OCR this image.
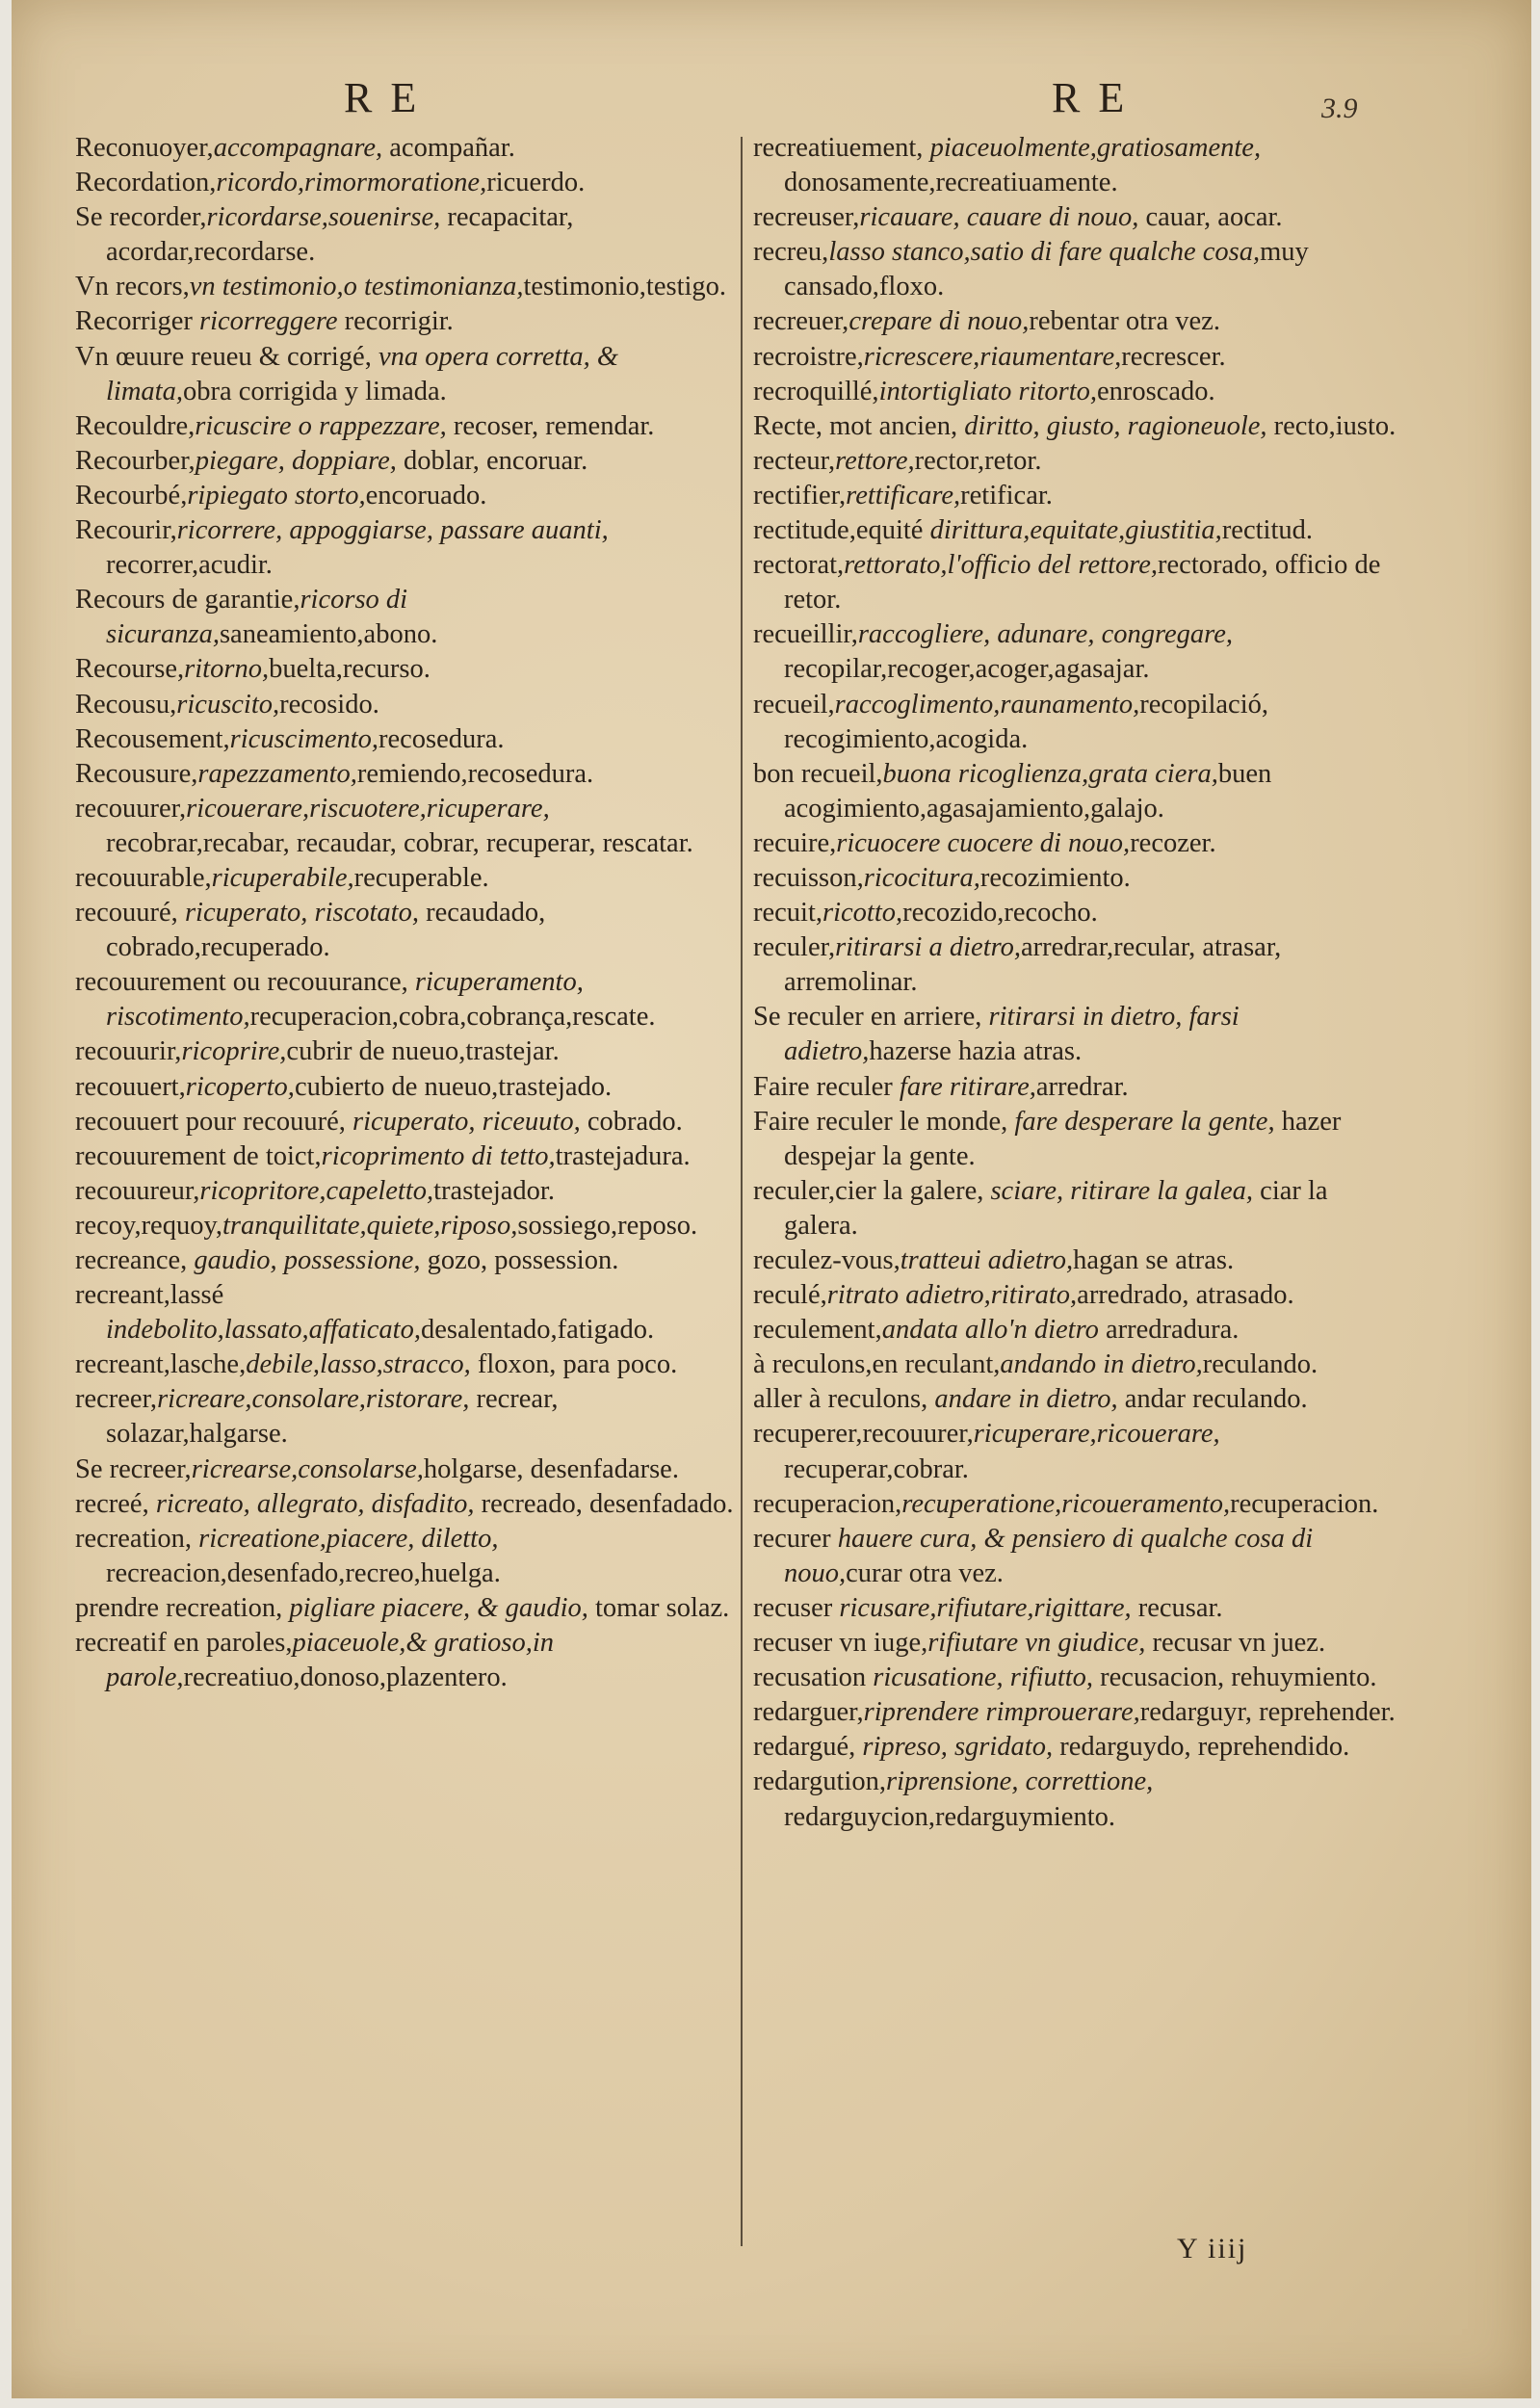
R E	R E	3.9
Reconuoyer,accompagnare, acompañar.
Recordation,ricordo,rimormoratione,ricuerdo.
Se recorder,ricordarse,souenirse, recapacitar, acordar,recordarse.
Vn recors,vn testimonio,o testimonianza,testimonio,testigo.
Recorriger ricorreggere recorrigir.
Vn œuure reueu & corrigé, vna opera corretta, & limata,obra corrigida y limada.
Recouldre,ricuscire o rappezzare, recoser, remendar.
Recourber,piegare, doppiare, doblar, encoruar.
Recourbé,ripiegato storto,encoruado.
Recourir,ricorrere, appoggiarse, passare auanti, recorrer,acudir.
Recours de garantie,ricorso di sicuranza,saneamiento,abono.
Recourse,ritorno,buelta,recurso.
Recousu,ricuscito,recosido.
Recousement,ricuscimento,recosedura.
Recousure,rapezzamento,remiendo,recosedura.
recouurer,ricouerare,riscuotere,ricuperare, recobrar,recabar, recaudar, cobrar, recuperar, rescatar.
recouurable,ricuperabile,recuperable.
recouuré, ricuperato, riscotato, recaudado, cobrado,recuperado.
recouurement ou recouurance, ricuperamento, riscotimento,recuperacion,cobra,cobrança,rescate.
recouurir,ricoprire,cubrir de nueuo,trastejar.
recouuert,ricoperto,cubierto de nueuo,trastejado.
recouuert pour recouuré, ricuperato, riceuuto, cobrado.
recouurement de toict,ricoprimento di tetto,trastejadura.
recouureur,ricopritore,capeletto,trastejador.
recoy,requoy,tranquilitate,quiete,riposo,sossiego,reposo.
recreance, gaudio, possessione, gozo, possession.
recreant,lassé indebolito,lassato,affaticato,desalentado,fatigado.
recreant,lasche,debile,lasso,stracco, floxon, para poco.
recreer,ricreare,consolare,ristorare, recrear, solazar,halgarse.
Se recreer,ricrearse,consolarse,holgarse, desenfadarse.
recreé, ricreato, allegrato, disfadito, recreado, desenfadado.
recreation, ricreatione,piacere, diletto, recreacion,desenfado,recreo,huelga.
prendre recreation, pigliare piacere, & gaudio, tomar solaz.
recreatif en paroles,piaceuole,& gratioso,in parole,recreatiuo,donoso,plazentero.
recreatiuement, piaceuolmente,gratiosamente, donosamente,recreatiuamente.
recreuser,ricauare, cauare di nouo, cauar, aocar.
recreu,lasso stanco,satio di fare qualche cosa,muy cansado,floxo.
recreuer,crepare di nouo,rebentar otra vez.
recroistre,ricrescere,riaumentare,recrescer.
recroquillé,intortigliato ritorto,enroscado.
Recte, mot ancien, diritto, giusto, ragioneuole, recto,iusto.
recteur,rettore,rector,retor.
rectifier,rettificare,retificar.
rectitude,equité dirittura,equitate,giustitia,rectitud.
rectorat,rettorato,l'officio del rettore,rectorado, officio de retor.
recueillir,raccogliere, adunare, congregare, recopilar,recoger,acoger,agasajar.
recueil,raccoglimento,raunamento,recopilació, recogimiento,acogida.
bon recueil,buona ricoglienza,grata ciera,buen acogimiento,agasajamiento,galajo.
recuire,ricuocere cuocere di nouo,recozer.
recuisson,ricocitura,recozimiento.
recuit,ricotto,recozido,recocho.
reculer,ritirarsi a dietro,arredrar,recular, atrasar, arremolinar.
Se reculer en arriere, ritirarsi in dietro, farsi adietro,hazerse hazia atras.
Faire reculer fare ritirare,arredrar.
Faire reculer le monde, fare desperare la gente, hazer despejar la gente.
reculer,cier la galere, sciare, ritirare la galea, ciar la galera.
reculez-vous,tratteui adietro,hagan se atras.
reculé,ritrato adietro,ritirato,arredrado, atrasado.
reculement,andata allo'n dietro arredradura.
à reculons,en reculant,andando in dietro,reculando.
aller à reculons, andare in dietro, andar reculando.
recuperer,recouurer,ricuperare,ricouerare, recuperar,cobrar.
recuperacion,recuperatione,ricoueramento,recuperacion.
recurer hauere cura, & pensiero di qualche cosa di nouo,curar otra vez.
recuser ricusare,rifiutare,rigittare, recusar.
recuser vn iuge,rifiutare vn giudice, recusar vn juez.
recusation ricusatione, rifiutto, recusacion, rehuymiento.
redarguer,riprendere rimprouerare,redarguyr, reprehender.
redargué, ripreso, sgridato, redarguydo, reprehendido.
redargution,riprensione, correttione, redarguycion,redarguymiento.
Y iiij
